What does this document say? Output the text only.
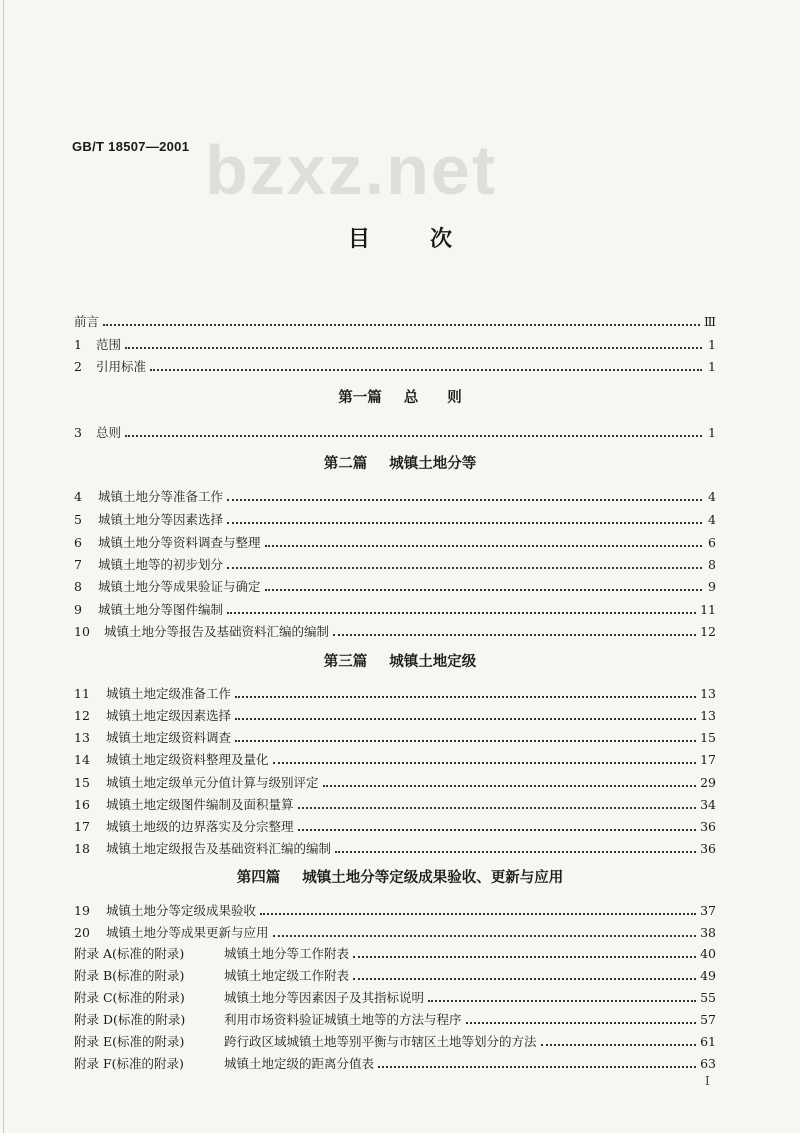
GB/T 18507—2001 bzxz.net
目	次
前言	Ⅲ
1	范围	1
2	引用标准	1
第一篇 总　　则
3	总则	1
第二篇 城镇土地分等
4	城镇土地分等准备工作	4
5	城镇土地分等因素选择	4
6	城镇土地分等资料调查与整理	6
7	城镇土地等的初步划分	8
8	城镇土地分等成果验证与确定	9
9	城镇土地分等图件编制	11
10	城镇土地分等报告及基础资料汇编的编制	12
第三篇 城镇土地定级
11	城镇土地定级准备工作	13
12	城镇土地定级因素选择	13
13	城镇土地定级资料调查	15
14	城镇土地定级资料整理及量化	17
15	城镇土地定级单元分值计算与级别评定	29
16	城镇土地定级图件编制及面积量算	34
17	城镇土地级的边界落实及分宗整理	36
18	城镇土地定级报告及基础资料汇编的编制	36
第四篇 城镇土地分等定级成果验收、更新与应用
19	城镇土地分等定级成果验收	37
20	城镇土地分等成果更新与应用	38
附录 A(标准的附录)	城镇土地分等工作附表	40
附录 B(标准的附录)	城镇土地定级工作附表	49
附录 C(标准的附录)	城镇土地分等因素因子及其指标说明	55
附录 D(标准的附录)	利用市场资料验证城镇土地等的方法与程序	57
附录 E(标准的附录)	跨行政区域城镇土地等别平衡与市辖区土地等划分的方法	61
附录 F(标准的附录)	城镇土地定级的距离分值表	63
I
